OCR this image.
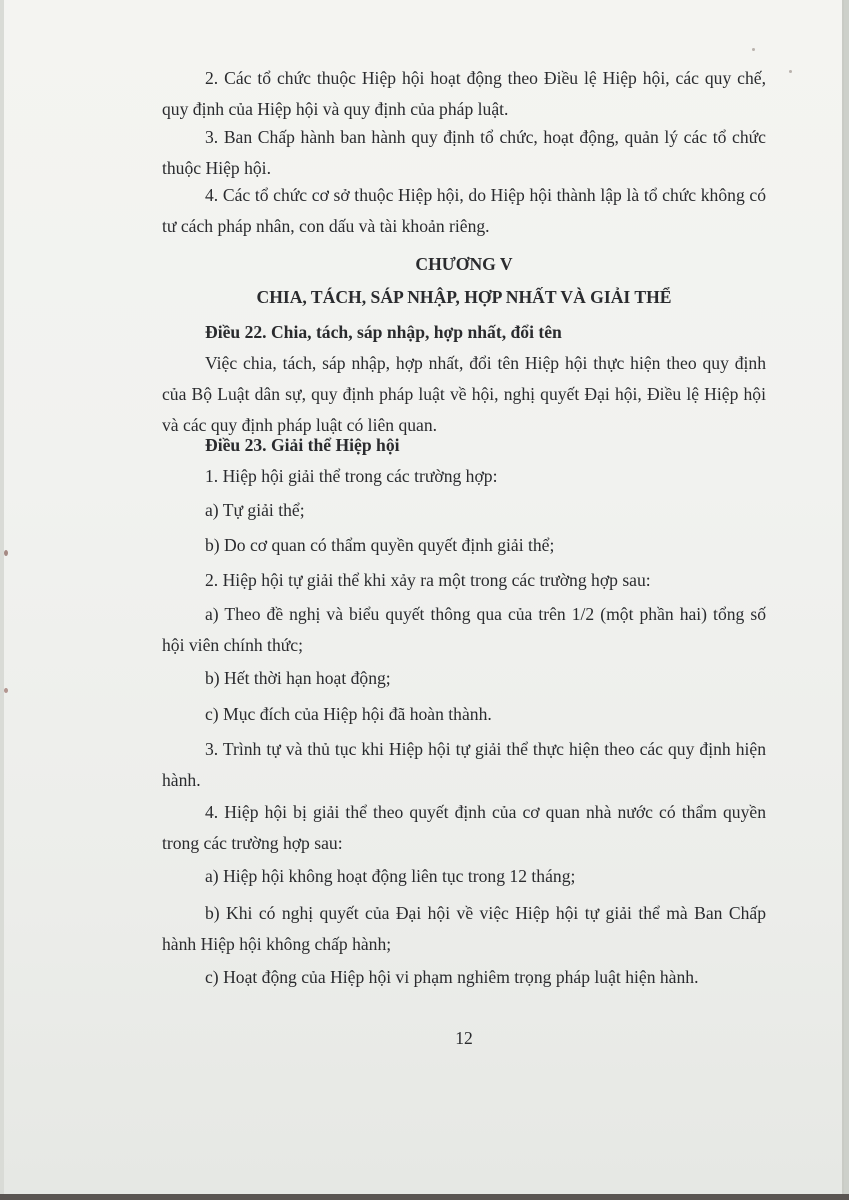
2. Các tổ chức thuộc Hiệp hội hoạt động theo Điều lệ Hiệp hội, các quy chế, quy định của Hiệp hội và quy định của pháp luật.

3. Ban Chấp hành ban hành quy định tổ chức, hoạt động, quản lý các tổ chức thuộc Hiệp hội.

4. Các tổ chức cơ sở thuộc Hiệp hội, do Hiệp hội thành lập là tổ chức không có tư cách pháp nhân, con dấu và tài khoản riêng.

CHƯƠNG V
CHIA, TÁCH, SÁP NHẬP, HỢP NHẤT VÀ GIẢI THỂ
Điều 22. Chia, tách, sáp nhập, hợp nhất, đổi tên

Việc chia, tách, sáp nhập, hợp nhất, đổi tên Hiệp hội thực hiện theo quy định của Bộ Luật dân sự, quy định pháp luật về hội, nghị quyết Đại hội, Điều lệ Hiệp hội và các quy định pháp luật có liên quan.

Điều 23. Giải thể Hiệp hội

1. Hiệp hội giải thể trong các trường hợp:

a) Tự giải thể;

b) Do cơ quan có thẩm quyền quyết định giải thể;

2. Hiệp hội tự giải thể khi xảy ra một trong các trường hợp sau:

a) Theo đề nghị và biểu quyết thông qua của trên 1/2 (một phần hai) tổng số hội viên chính thức;

b) Hết thời hạn hoạt động;

c) Mục đích của Hiệp hội đã hoàn thành.

3. Trình tự và thủ tục khi Hiệp hội tự giải thể thực hiện theo các quy định hiện hành.

4. Hiệp hội bị giải thể theo quyết định của cơ quan nhà nước có thẩm quyền trong các trường hợp sau:

a) Hiệp hội không hoạt động liên tục trong 12 tháng;

b) Khi có nghị quyết của Đại hội về việc Hiệp hội tự giải thể mà Ban Chấp hành Hiệp hội không chấp hành;

c) Hoạt động của Hiệp hội vi phạm nghiêm trọng pháp luật hiện hành.

12
